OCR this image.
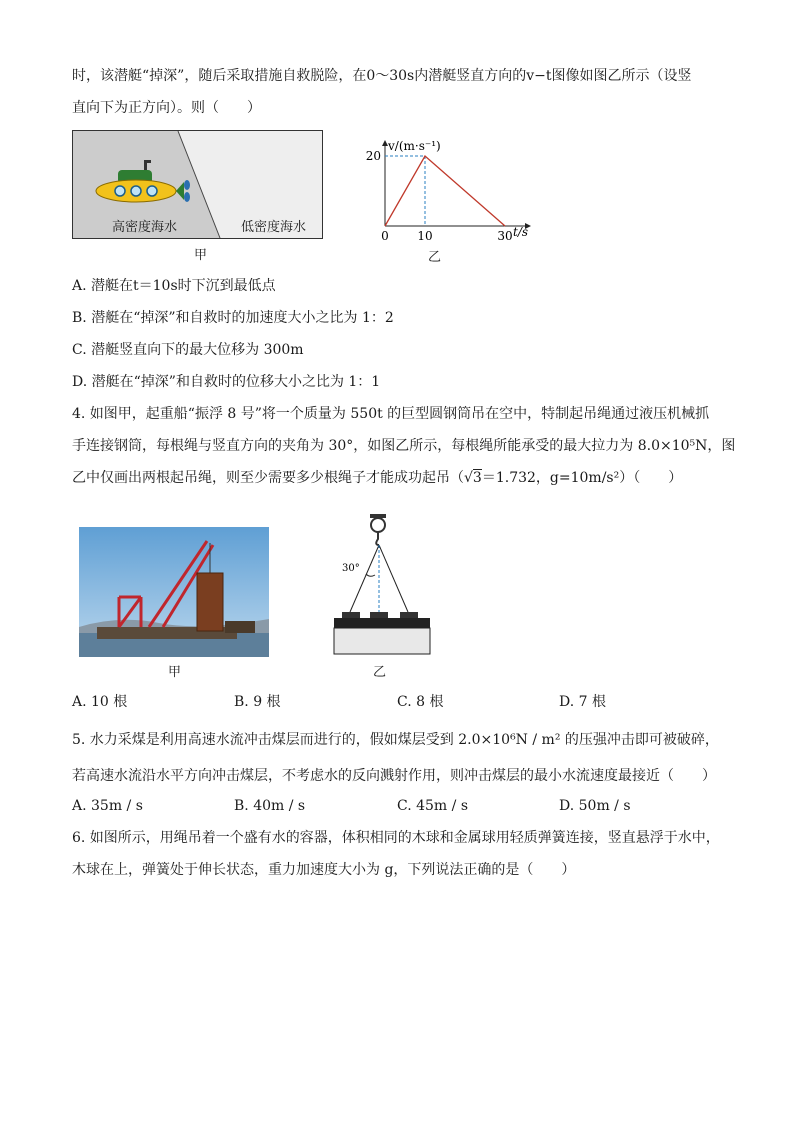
时，该潜艇“掉深”，随后采取措施自救脱险，在0～30s内潜艇竖直方向的v−t图像如图乙所示（设竖
直向下为正方向）。则（　　）
高密度海水	低密度海水
甲
v/(m·s⁻¹)
t/s
20
0 10	30
乙
A. 潜艇在t＝10s时下沉到最低点
B. 潜艇在“掉深”和自救时的加速度大小之比为 1：2
C. 潜艇竖直向下的最大位移为 300m
D. 潜艇在“掉深”和自救时的位移大小之比为 1：1
4. 如图甲，起重船“振浮 8 号”将一个质量为 550t 的巨型圆钢筒吊在空中，特制起吊绳通过液压机械抓
手连接钢筒，每根绳与竖直方向的夹角为 30°，如图乙所示，每根绳所能承受的最大拉力为 8.0×10⁵N，图
乙中仅画出两根起吊绳，则至少需要多少根绳子才能成功起吊（√3＝1.732，g=10m/s²）（　　）
甲
30°
乙
A. 10 根	B. 9 根	C. 8 根	D. 7 根
5. 水力采煤是利用高速水流冲击煤层而进行的，假如煤层受到 2.0×10⁶N / m² 的压强冲击即可被破碎，
若高速水流沿水平方向冲击煤层，不考虑水的反向溅射作用，则冲击煤层的最小水流速度最接近（　　）
A. 35m / s	B. 40m / s	C. 45m / s	D. 50m / s
6. 如图所示，用绳吊着一个盛有水的容器，体积相同的木球和金属球用轻质弹簧连接，竖直悬浮于水中，
木球在上，弹簧处于伸长状态，重力加速度大小为 g，下列说法正确的是（　　）
